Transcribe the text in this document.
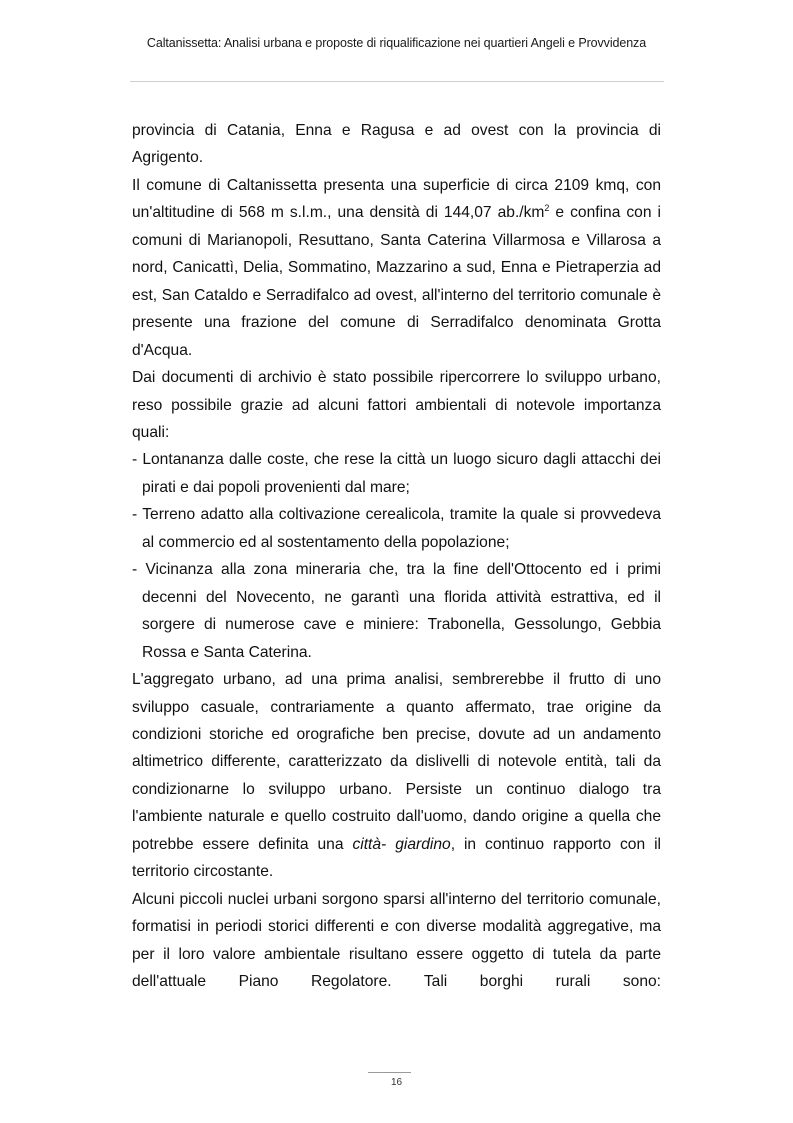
Caltanissetta: Analisi urbana e proposte di riqualificazione nei quartieri Angeli e Provvidenza

provincia di Catania, Enna e Ragusa e ad ovest con la provincia di Agrigento.

Il comune di Caltanissetta presenta una superficie di circa 2109 kmq, con un'altitudine di 568 m s.l.m., una densità di 144,07 $ab./km^2$ e confina con i comuni di Marianopoli, Resuttano, Santa Caterina Villarmosa e Villarosa a nord, Canicattì, Delia, Sommatino, Mazzarino a sud, Enna e Pietraperzia ad est, San Cataldo e Serradifalco ad ovest, all'interno del territorio comunale è presente una frazione del comune di Serradifalco denominata Grotta d'Acqua.

Dai documenti di archivio è stato possibile ripercorrere lo sviluppo urbano, reso possibile grazie ad alcuni fattori ambientali di notevole importanza quali:

- Lontananza dalle coste, che rese la città un luogo sicuro dagli attacchi dei pirati e dai popoli provenienti dal mare;

- Terreno adatto alla coltivazione cerealicola, tramite la quale si provvedeva al commercio ed al sostentamento della popolazione;

- Vicinanza alla zona mineraria che, tra la fine dell'Ottocento ed i primi decenni del Novecento, ne garantì una florida attività estrattiva, ed il sorgere di numerose cave e miniere: Trabonella, Gessolungo, Gebbia Rossa e Santa Caterina.

L'aggregato urbano, ad una prima analisi, sembrerebbe il frutto di uno sviluppo casuale, contrariamente a quanto affermato, trae origine da condizioni storiche ed orografiche ben precise, dovute ad un andamento altimetrico differente, caratterizzato da dislivelli di notevole entità, tali da condizionarne lo sviluppo urbano. Persiste un continuo dialogo tra l'ambiente naturale e quello costruito dall'uomo, dando origine a quella che potrebbe essere definita una città- giardino, in continuo rapporto con il territorio circostante.

Alcuni piccoli nuclei urbani sorgono sparsi all'interno del territorio comunale, formatisi in periodi storici differenti e con diverse modalità aggregative, ma per il loro valore ambientale risultano essere oggetto di tutela da parte dell'attuale Piano Regolatore. Tali borghi rurali sono:

16
